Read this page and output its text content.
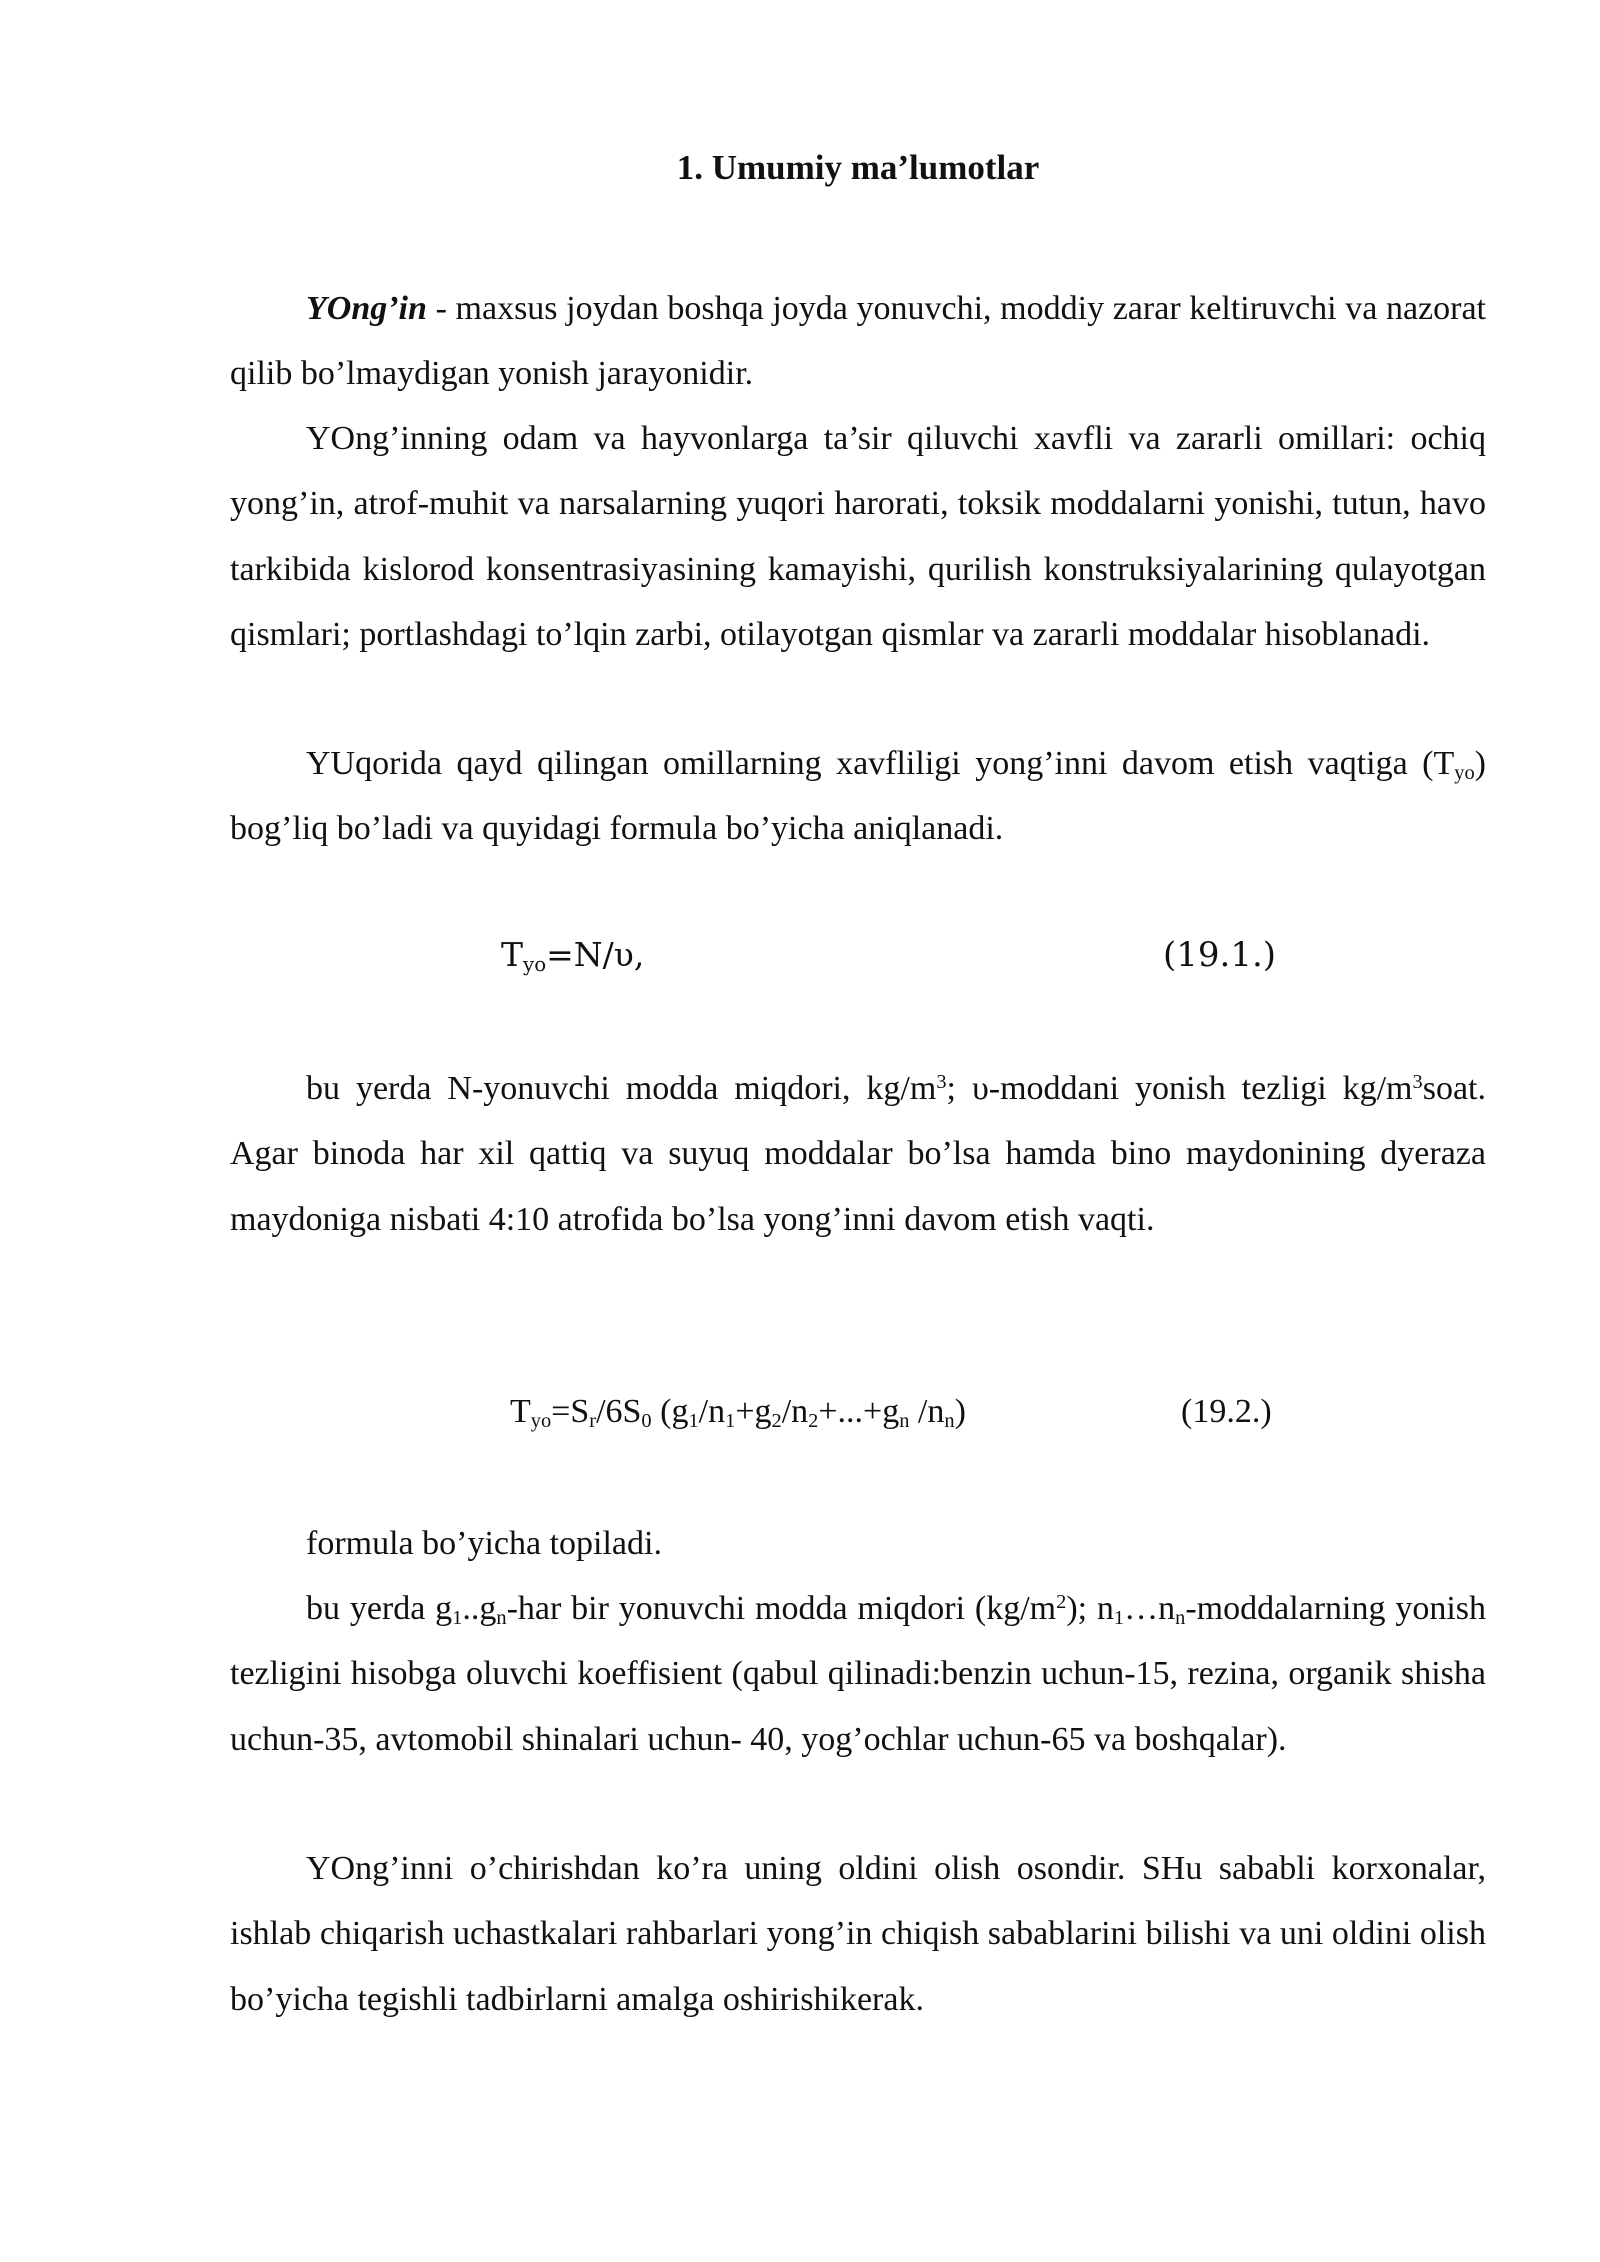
1. Umumiy ma’lumotlar

YOng’in - maxsus joydan boshqa joyda yonuvchi, moddiy zarar keltiruvchi va nazorat qilib bo’lmaydigan yonish jarayonidir.

YOng’inning odam va hayvonlarga ta’sir qiluvchi xavfli va zararli omillari: ochiq yong’in, atrof-muhit va narsalarning yuqori harorati, toksik moddalarni yonishi, tutun, havo tarkibida kislorod konsentrasiyasining kamayishi, qurilish konstruksiyalarining qulayotgan qismlari; portlashdagi to’lqin zarbi, otilayotgan qismlar va zararli moddalar hisoblanadi.

YUqorida qayd qilingan omillarning xavfliligi yong’inni davom etish vaqtiga $(T_{yo})$ bog’liq bo’ladi va quyidagi formula bo’yicha aniqlanadi.

$T_{yo}=N/\upsilon$,	(19.1.)

bu yerda N-yonuvchi modda miqdori, $kg/m^3$; υ-moddani yonish tezligi $kg/m^3soat$. Agar binoda har xil qattiq va suyuq moddalar bo’lsa hamda bino maydonining dyeraza maydoniga nisbati 4:10 atrofida bo’lsa yong’inni davom etish vaqti.

$T_{yo}=S_r/6S_0$ ($g_1/n_1+g_2/n_2+...+g_n$ $/n_n$)	(19.2.)

formula bo’yicha topiladi.

bu yerda $g_1..g_n$-har bir yonuvchi modda miqdori $(kg/m^2)$; $n_1\dots n_n$-moddalarning yonish tezligini hisobga oluvchi koeffisient (qabul qilinadi:benzin uchun-15, rezina, organik shisha uchun-35, avtomobil shinalari uchun- 40, yog’ochlar uchun-65 va boshqalar).

YOng’inni o’chirishdan ko’ra uning oldini olish osondir. SHu sababli korxonalar, ishlab chiqarish uchastkalari rahbarlari yong’in chiqish sabablarini bilishi va uni oldini olish bo’yicha tegishli tadbirlarni amalga oshirishikerak.
